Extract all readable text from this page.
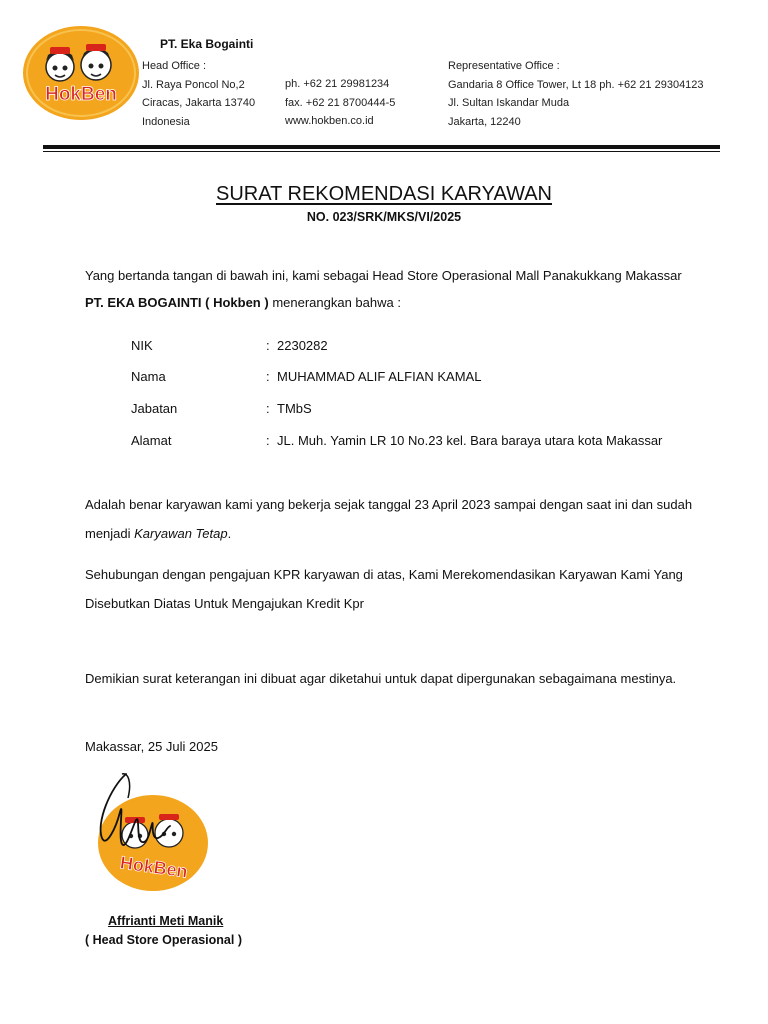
HokBen
PT. Eka Bogainti
Head Office :
Jl. Raya Poncol No,2
Ciracas, Jakarta 13740
Indonesia
ph. +62 21 29981234
fax. +62 21 8700444-5
www.hokben.co.id
Representative Office :
Gandaria 8 Office Tower, Lt 18 ph. +62 21 29304123
Jl. Sultan Iskandar Muda
Jakarta, 12240
SURAT REKOMENDASI KARYAWAN
NO. 023/SRK/MKS/VI/2025
Yang bertanda tangan di bawah ini, kami sebagai Head Store Operasional Mall Panakukkang Makassar
PT. EKA BOGAINTI ( Hokben ) menerangkan bahwa :
NIK	: 2230282
Nama	: MUHAMMAD ALIF ALFIAN KAMAL
Jabatan	: TMbS
Alamat	: JL. Muh. Yamin LR 10 No.23 kel. Bara baraya utara kota Makassar
Adalah benar karyawan kami yang bekerja sejak tanggal 23 April 2023 sampai dengan saat ini dan sudah
menjadi Karyawan Tetap.
Sehubungan dengan pengajuan KPR karyawan di atas, Kami Merekomendasikan Karyawan Kami Yang
Disebutkan Diatas Untuk Mengajukan Kredit Kpr
Demikian surat keterangan ini dibuat agar diketahui untuk dapat dipergunakan sebagaimana mestinya.
Makassar, 25 Juli 2025
HokBen
Affrianti Meti Manik
( Head Store Operasional )
